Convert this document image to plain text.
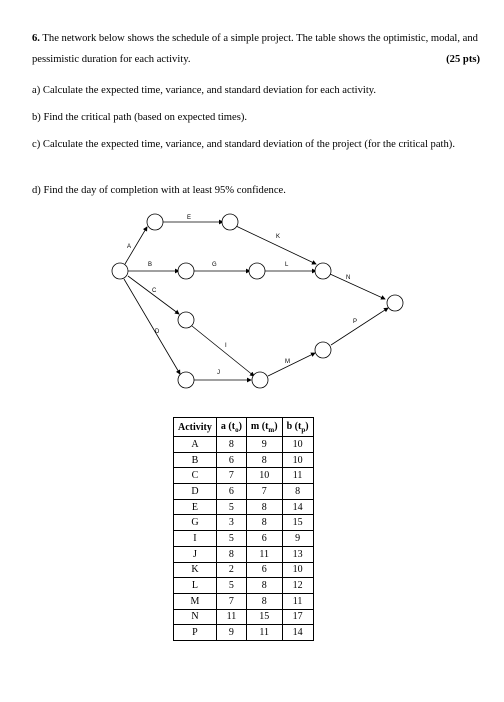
6. The network below shows the schedule of a simple project. The table shows the optimistic, modal, and pessimistic duration for each activity.	(25 pts)
a) Calculate the expected time, variance, and standard deviation for each activity.
b) Find the critical path (based on expected times).
c) Calculate the expected time, variance, and standard deviation of the project (for the critical path).
d) Find the day of completion with at least 95% confidence.
A
B
C
D
E
G
I
J
K
L
M
N
P
Activity	a $(t_o)$	m $(t_m)$	b $(t_p)$
A	8	9	10
B	6	8	10
C	7	10	11
D	6	7	8
E	5	8	14
G	3	8	15
I	5	6	9
J	8	11	13
K	2	6	10
L	5	8	12
M	7	8	11
N	11	15	17
P	9	11	14
